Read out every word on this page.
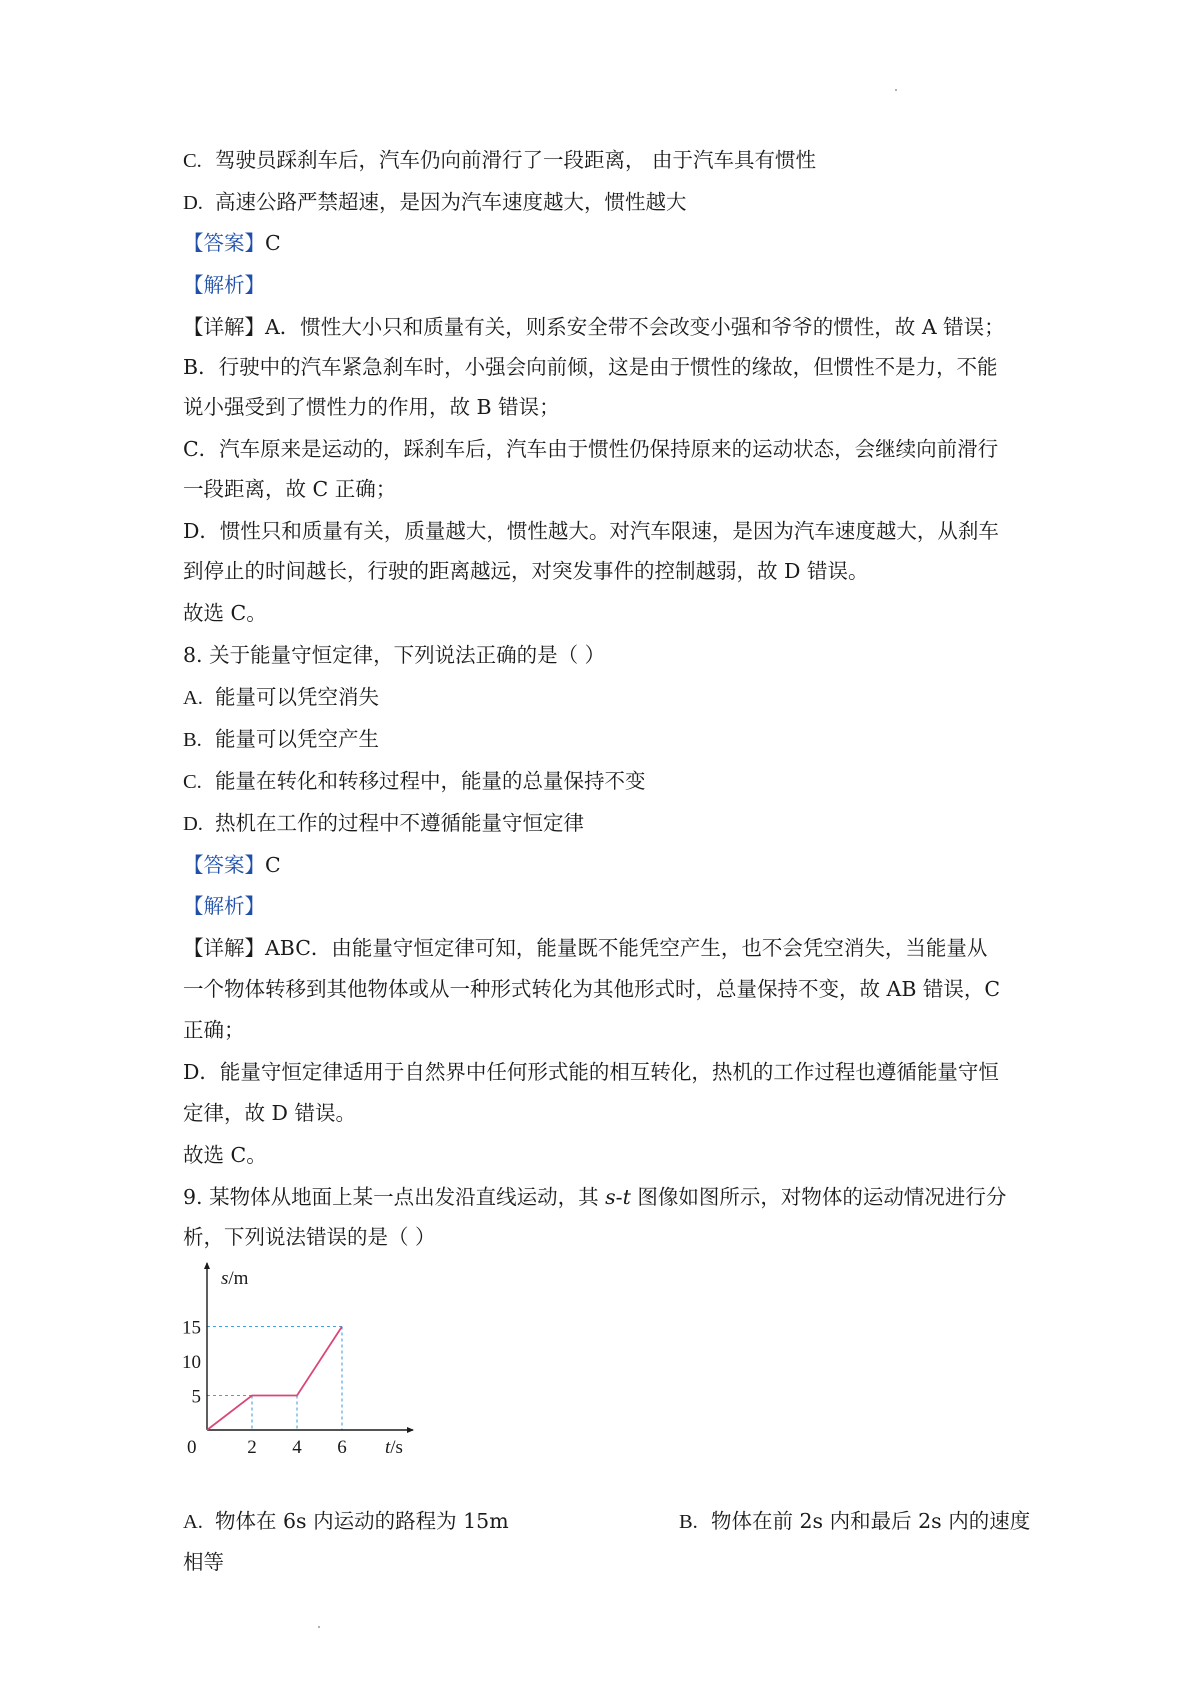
C. 驾驶员踩刹车后，汽车仍向前滑行了一段距离， 由于汽车具有惯性
D. 高速公路严禁超速，是因为汽车速度越大，惯性越大
【答案】C
【解析】
【详解】A．惯性大小只和质量有关，则系安全带不会改变小强和爷爷的惯性，故 A 错误；
B．行驶中的汽车紧急刹车时，小强会向前倾，这是由于惯性的缘故，但惯性不是力，不能
说小强受到了惯性力的作用，故 B 错误；
C．汽车原来是运动的，踩刹车后，汽车由于惯性仍保持原来的运动状态，会继续向前滑行
一段距离，故 C 正确；
D．惯性只和质量有关，质量越大，惯性越大。对汽车限速，是因为汽车速度越大，从刹车
到停止的时间越长，行驶的距离越远，对突发事件的控制越弱，故 D 错误。
故选 C。
8. 关于能量守恒定律，下列说法正确的是（ ）
A. 能量可以凭空消失
B. 能量可以凭空产生
C. 能量在转化和转移过程中，能量的总量保持不变
D. 热机在工作的过程中不遵循能量守恒定律
【答案】C
【解析】
【详解】ABC．由能量守恒定律可知，能量既不能凭空产生，也不会凭空消失，当能量从
一个物体转移到其他物体或从一种形式转化为其他形式时，总量保持不变，故 AB 错误，C
正确；
D．能量守恒定律适用于自然界中任何形式能的相互转化，热机的工作过程也遵循能量守恒
定律，故 D 错误。
故选 C。
9. 某物体从地面上某一点出发沿直线运动，其 s-t 图像如图所示，对物体的运动情况进行分
析，下列说法错误的是（ ）
5
10
15
0	2 4 6
s/m
t/s
A. 物体在 6s 内运动的路程为 15m	B. 物体在前 2s 内和最后 2s 内的速度
相等
